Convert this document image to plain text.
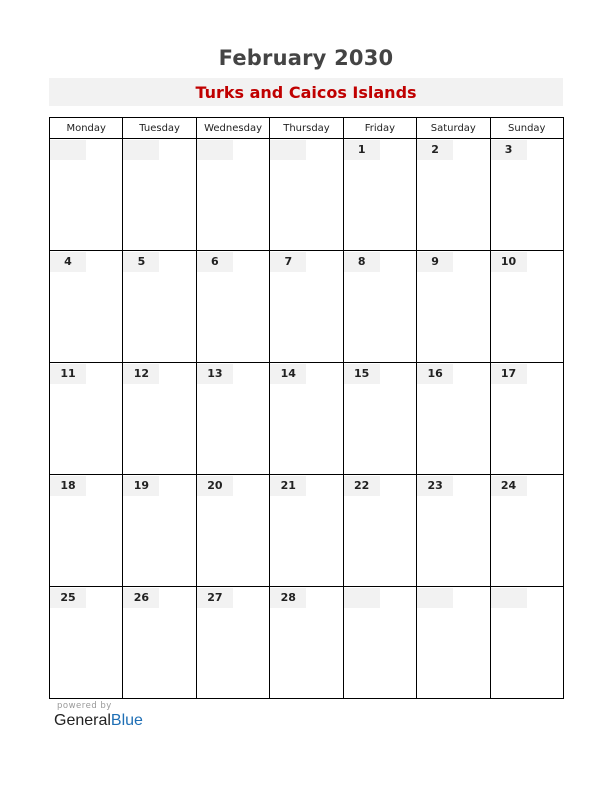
February 2030
Turks and Caicos Islands
Monday	Tuesday	Wednesday	Thursday	Friday	Saturday	Sunday

				1	2	3

4	5	6	7	8	9	10

11	12	13	14	15	16	17

18	19	20	21	22	23	24

25	26	27	28			

powered by
GeneralBlue
